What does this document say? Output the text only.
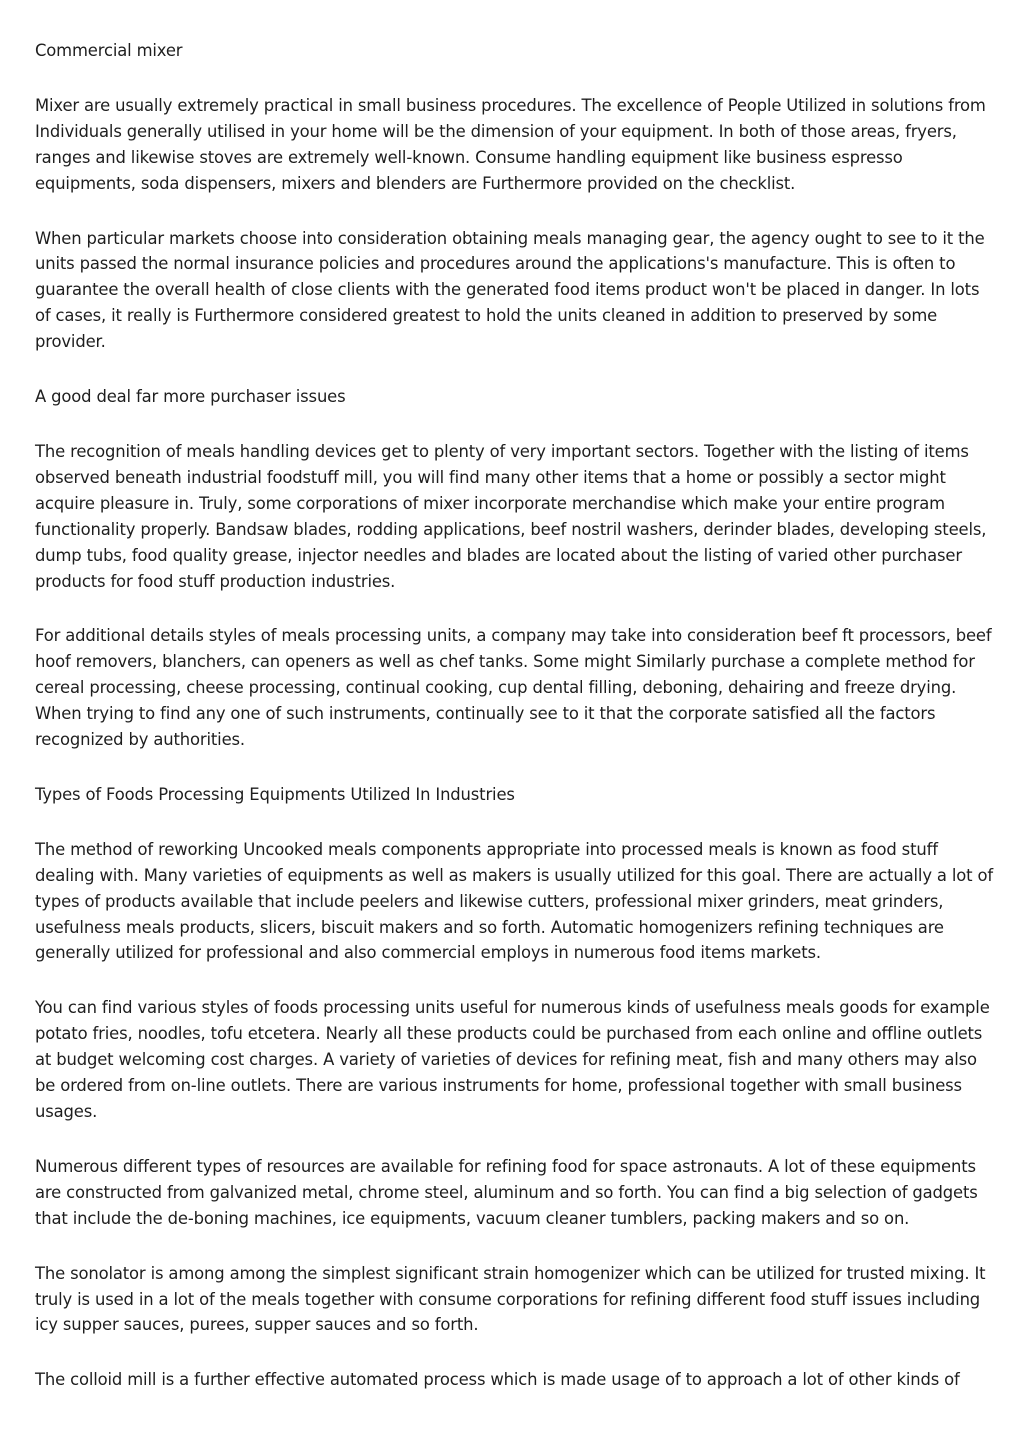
Commercial mixer
Mixer are usually extremely practical in small business procedures. The excellence of People Utilized in solutions from Individuals generally utilised in your home will be the dimension of your equipment. In both of those areas, fryers, ranges and likewise stoves are extremely well-known. Consume handling equipment like business espresso equipments, soda dispensers, mixers and blenders are Furthermore provided on the checklist.
When particular markets choose into consideration obtaining meals managing gear, the agency ought to see to it the units passed the normal insurance policies and procedures around the applications's manufacture. This is often to guarantee the overall health of close clients with the generated food items product won't be placed in danger. In lots of cases, it really is Furthermore considered greatest to hold the units cleaned in addition to preserved by some provider.
A good deal far more purchaser issues
The recognition of meals handling devices get to plenty of very important sectors. Together with the listing of items observed beneath industrial foodstuff mill, you will find many other items that a home or possibly a sector might acquire pleasure in. Truly, some corporations of mixer incorporate merchandise which make your entire program functionality properly. Bandsaw blades, rodding applications, beef nostril washers, derinder blades, developing steels, dump tubs, food quality grease, injector needles and blades are located about the listing of varied other purchaser products for food stuff production industries.
For additional details styles of meals processing units, a company may take into consideration beef ft processors, beef hoof removers, blanchers, can openers as well as chef tanks. Some might Similarly purchase a complete method for cereal processing, cheese processing, continual cooking, cup dental filling, deboning, dehairing and freeze drying. When trying to find any one of such instruments, continually see to it that the corporate satisfied all the factors recognized by authorities.
Types of Foods Processing Equipments Utilized In Industries
The method of reworking Uncooked meals components appropriate into processed meals is known as food stuff dealing with. Many varieties of equipments as well as makers is usually utilized for this goal. There are actually a lot of types of products available that include peelers and likewise cutters, professional mixer grinders, meat grinders, usefulness meals products, slicers, biscuit makers and so forth. Automatic homogenizers refining techniques are generally utilized for professional and also commercial employs in numerous food items markets.
You can find various styles of foods processing units useful for numerous kinds of usefulness meals goods for example potato fries, noodles, tofu etcetera. Nearly all these products could be purchased from each online and offline outlets at budget welcoming cost charges. A variety of varieties of devices for refining meat, fish and many others may also be ordered from on-line outlets. There are various instruments for home, professional together with small business usages.
Numerous different types of resources are available for refining food for space astronauts. A lot of these equipments are constructed from galvanized metal, chrome steel, aluminum and so forth. You can find a big selection of gadgets that include the de-boning machines, ice equipments, vacuum cleaner tumblers, packing makers and so on.
The sonolator is among among the simplest significant strain homogenizer which can be utilized for trusted mixing. It truly is used in a lot of the meals together with consume corporations for refining different food stuff issues including icy supper sauces, purees, supper sauces and so forth.
The colloid mill is a further effective automated process which is made usage of to approach a lot of other kinds of
